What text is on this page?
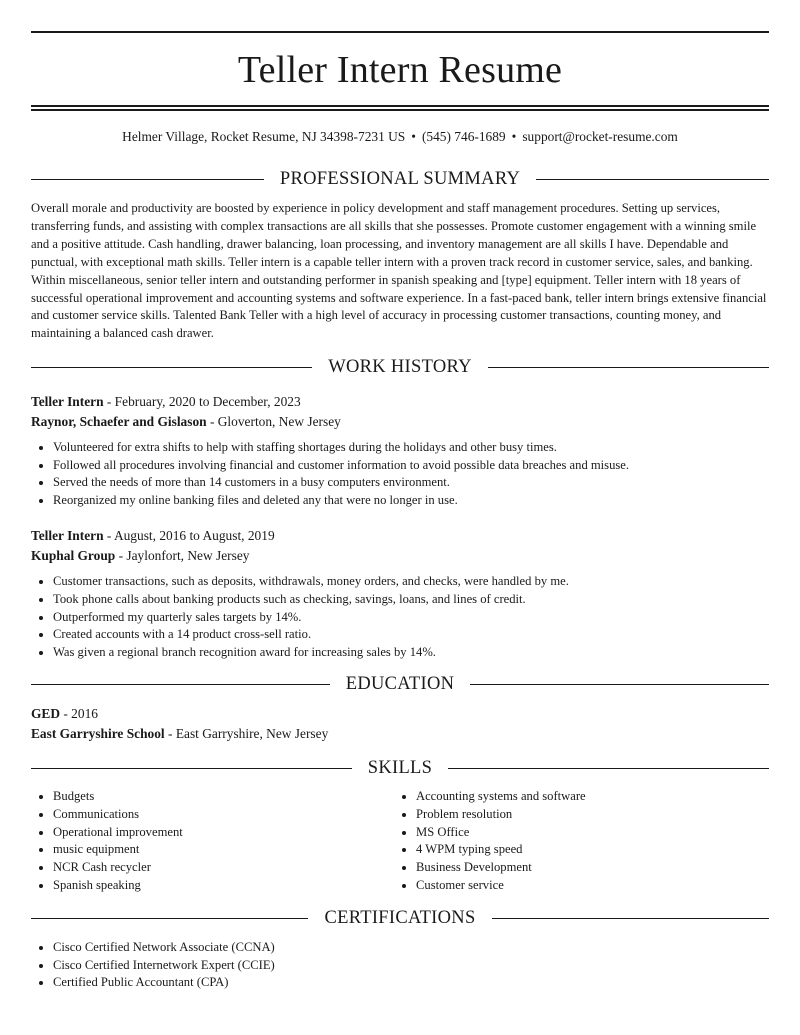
Teller Intern Resume
Helmer Village, Rocket Resume, NJ 34398-7231 US • (545) 746-1689 • support@rocket-resume.com
PROFESSIONAL SUMMARY

Overall morale and productivity are boosted by experience in policy development and staff management procedures. Setting up services, transferring funds, and assisting with complex transactions are all skills that she possesses. Promote customer engagement with a winning smile and a positive attitude. Cash handling, drawer balancing, loan processing, and inventory management are all skills I have. Dependable and punctual, with exceptional math skills. Teller intern is a capable teller intern with a proven track record in customer service, sales, and banking. Within miscellaneous, senior teller intern and outstanding performer in spanish speaking and [type] equipment. Teller intern with 18 years of successful operational improvement and accounting systems and software experience. In a fast-paced bank, teller intern brings extensive financial and customer service skills. Talented Bank Teller with a high level of accuracy in processing customer transactions, counting money, and maintaining a balanced cash drawer.

WORK HISTORY
Teller Intern - February, 2020 to December, 2023
Raynor, Schaefer and Gislason - Gloverton, New Jersey
• Volunteered for extra shifts to help with staffing shortages during the holidays and other busy times.
• Followed all procedures involving financial and customer information to avoid possible data breaches and misuse.
• Served the needs of more than 14 customers in a busy computers environment.
• Reorganized my online banking files and deleted any that were no longer in use.
Teller Intern - August, 2016 to August, 2019
Kuphal Group - Jaylonfort, New Jersey
• Customer transactions, such as deposits, withdrawals, money orders, and checks, were handled by me.
• Took phone calls about banking products such as checking, savings, loans, and lines of credit.
• Outperformed my quarterly sales targets by 14%.
• Created accounts with a 14 product cross-sell ratio.
• Was given a regional branch recognition award for increasing sales by 14%.
EDUCATION
GED - 2016
East Garryshire School - East Garryshire, New Jersey
SKILLS
• Budgets
• Communications
• Operational improvement
• music equipment
• NCR Cash recycler
• Spanish speaking
• Accounting systems and software
• Problem resolution
• MS Office
• 4 WPM typing speed
• Business Development
• Customer service
CERTIFICATIONS
• Cisco Certified Network Associate (CCNA)
• Cisco Certified Internetwork Expert (CCIE)
• Certified Public Accountant (CPA)
